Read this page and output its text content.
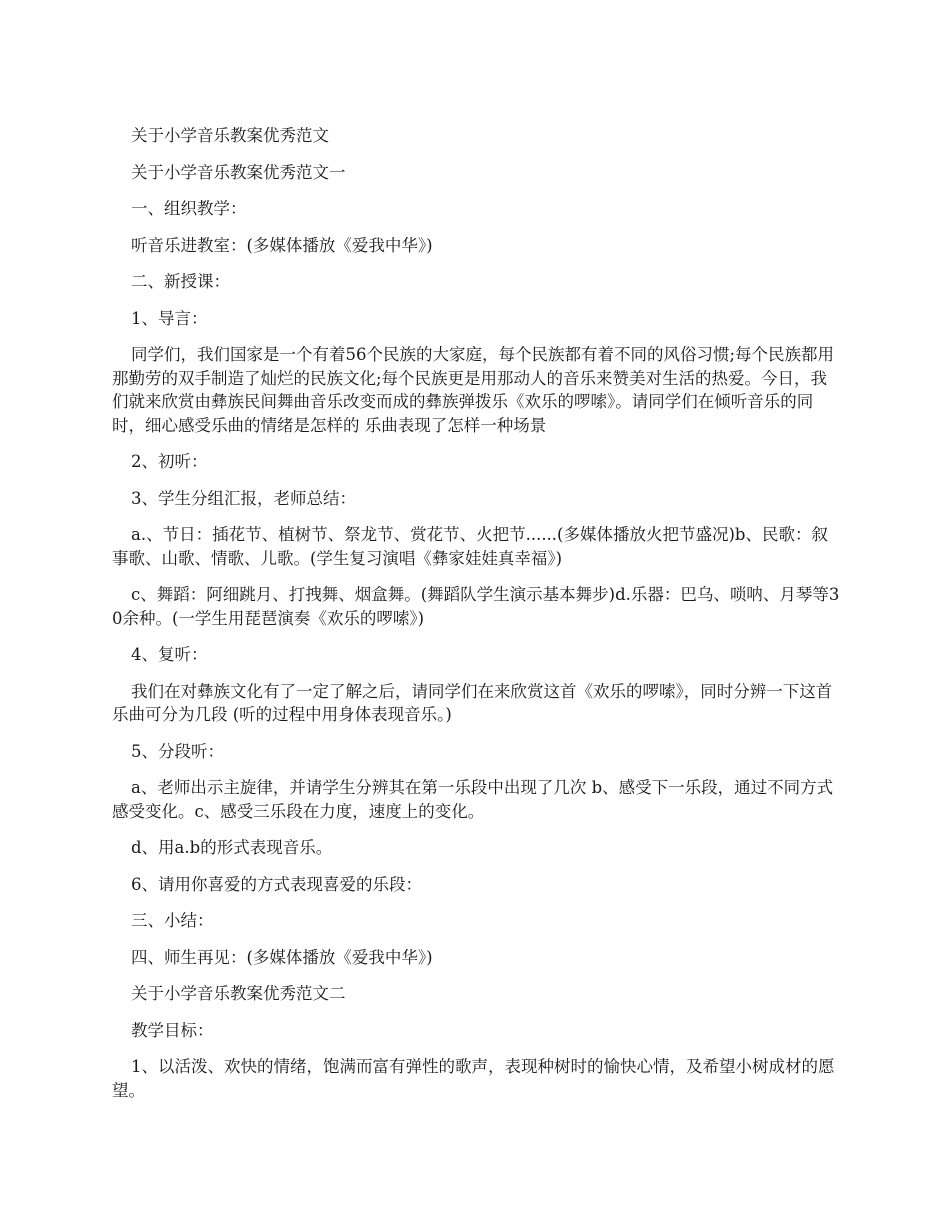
关于小学音乐教案优秀范文

关于小学音乐教案优秀范文一

一、组织教学：

听音乐进教室：(多媒体播放《爱我中华》)

二、新授课：

1、导言：

同学们，我们国家是一个有着56个民族的大家庭，每个民族都有着不同的风俗习惯;每个民族都用那勤劳的双手制造了灿烂的民族文化;每个民族更是用那动人的音乐来赞美对生活的热爱。今日，我们就来欣赏由彝族民间舞曲音乐改变而成的彝族弹拨乐《欢乐的啰嗦》。请同学们在倾听音乐的同时，细心感受乐曲的情绪是怎样的 乐曲表现了怎样一种场景

2、初听：

3、学生分组汇报，老师总结：

a.、节日：插花节、植树节、祭龙节、赏花节、火把节......(多媒体播放火把节盛况)b、民歌：叙事歌、山歌、情歌、儿歌。(学生复习演唱《彝家娃娃真幸福》)

c、舞蹈：阿细跳月、打拽舞、烟盒舞。(舞蹈队学生演示基本舞步)d.乐器：巴乌、唢呐、月琴等30余种。(一学生用琵琶演奏《欢乐的啰嗦》)

4、复听：

我们在对彝族文化有了一定了解之后，请同学们在来欣赏这首《欢乐的啰嗦》，同时分辨一下这首乐曲可分为几段 (听的过程中用身体表现音乐。)

5、分段听：

a、老师出示主旋律，并请学生分辨其在第一乐段中出现了几次 b、感受下一乐段，通过不同方式感受变化。c、感受三乐段在力度，速度上的变化。

d、用a.b的形式表现音乐。

6、请用你喜爱的方式表现喜爱的乐段：

三、小结：

四、师生再见：(多媒体播放《爱我中华》)

关于小学音乐教案优秀范文二

教学目标：

1、以活泼、欢快的情绪，饱满而富有弹性的歌声，表现种树时的愉快心情，及希望小树成材的愿望。
